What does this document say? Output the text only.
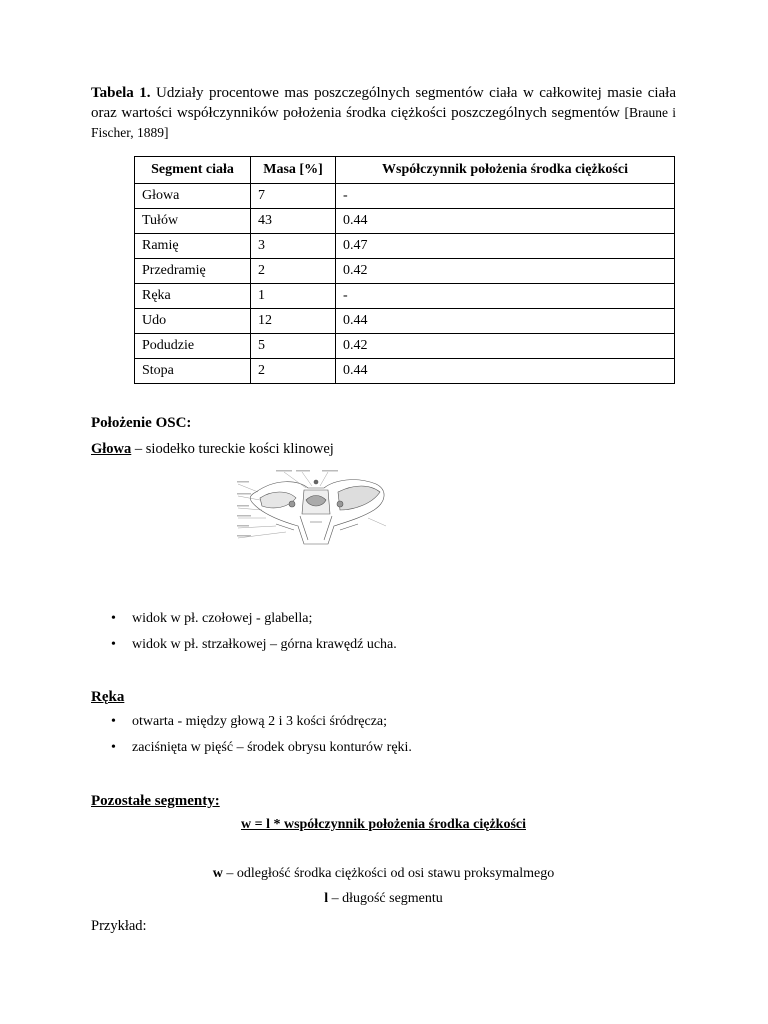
Tabela 1. Udziały procentowe mas poszczególnych segmentów ciała w całkowitej masie ciała oraz wartości współczynników położenia środka ciężkości poszczególnych segmentów [Braune i Fischer, 1889]
Segment ciała	Masa [%]	Współczynnik położenia środka ciężkości
Głowa	7	-
Tułów	43	0.44
Ramię	3	0.47
Przedramię	2	0.42
Ręka	1	-
Udo	12	0.44
Podudzie	5	0.42
Stopa	2	0.44
Położenie OSC:
Głowa – siodełko tureckie kości klinowej
• widok w pł. czołowej - glabella;
• widok w pł. strzałkowej – górna krawędź ucha.
Ręka
• otwarta - między głową 2 i 3 kości śródręcza;
• zaciśnięta w pięść – środek obrysu konturów ręki.
Pozostałe segmenty:
w = l * współczynnik położenia środka ciężkości
w – odległość środka ciężkości od osi stawu proksymalmego
l – długość segmentu
Przykład:
